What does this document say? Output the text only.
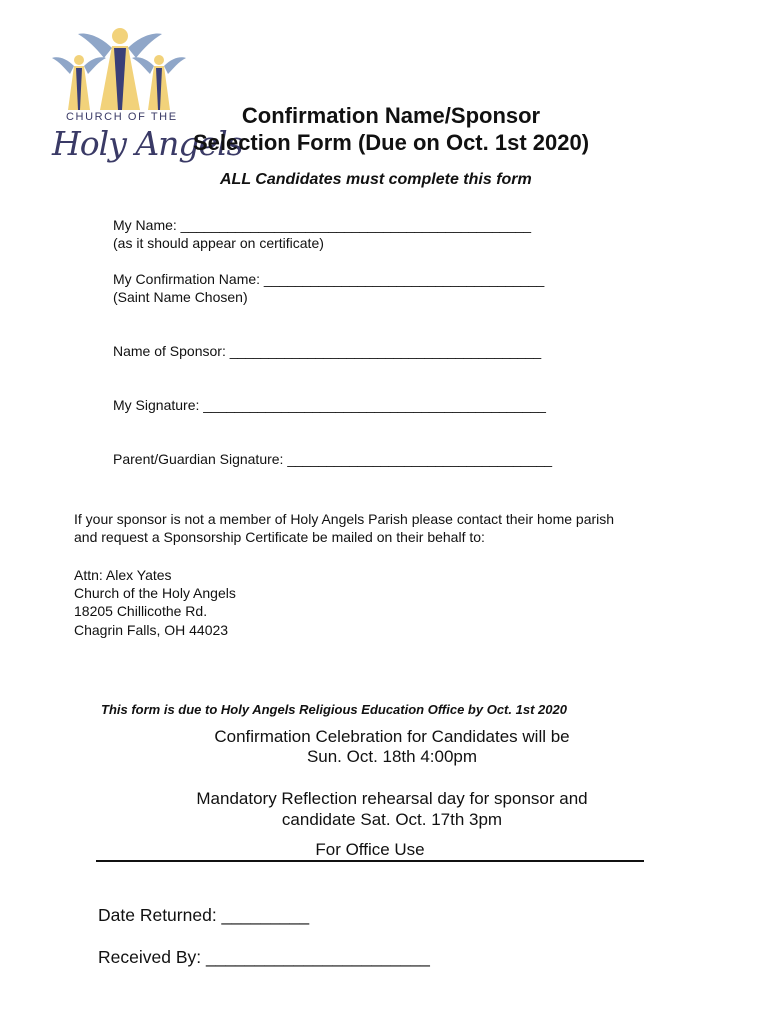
CHURCH OF THE
Holy Angels
Confirmation Name/Sponsor
Selection Form (Due on Oct. 1st 2020)
ALL Candidates must complete this form
My Name: _____________________________________________
(as it should appear on certificate)
My Confirmation Name: ____________________________________
(Saint Name Chosen)
Name of Sponsor: ________________________________________
My Signature: ____________________________________________
Parent/Guardian Signature: __________________________________
If your sponsor is not a member of Holy Angels Parish please contact their home parish
and request a Sponsorship Certificate be mailed on their behalf to:
Attn: Alex Yates
Church of the Holy Angels
18205 Chillicothe Rd.
Chagrin Falls, OH 44023
This form is due to Holy Angels Religious Education Office by Oct. 1st 2020
Confirmation Celebration for Candidates will be
Sun. Oct. 18th 4:00pm
Mandatory Reflection rehearsal day for sponsor and
candidate Sat. Oct. 17th 3pm
For Office Use
Date Returned: _________
Received By: _______________________
